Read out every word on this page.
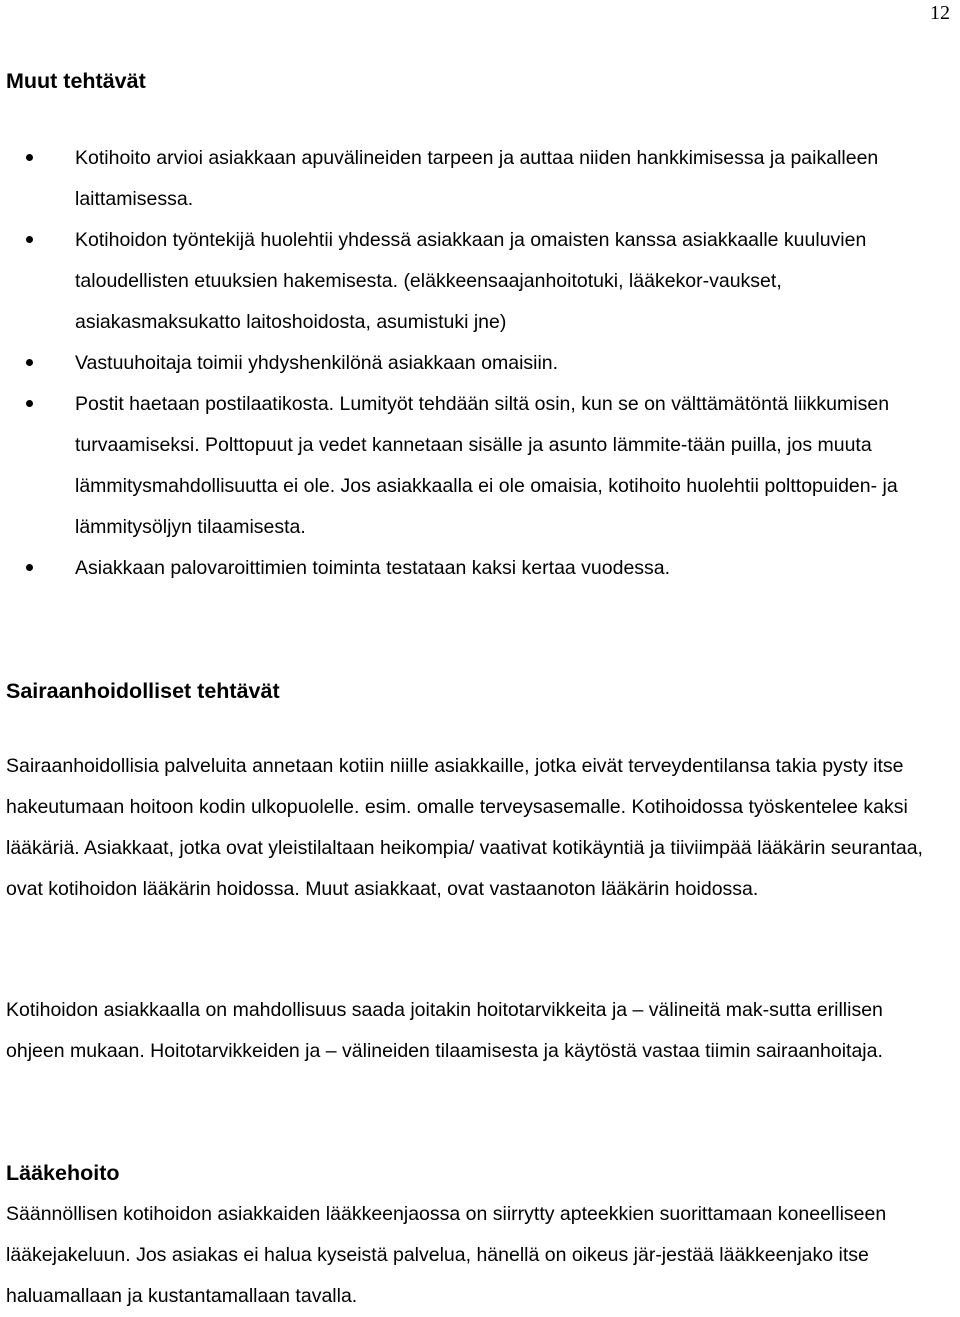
12
Muut tehtävät
Kotihoito arvioi asiakkaan apuvälineiden tarpeen ja auttaa niiden hankkimisessa ja paikalleen laittamisessa.
Kotihoidon työntekijä huolehtii yhdessä asiakkaan ja omaisten kanssa asiakkaalle kuuluvien taloudellisten etuuksien hakemisesta. (eläkkeensaajanhoitotuki, lääkekor-vaukset, asiakasmaksukatto laitoshoidosta, asumistuki jne)
Vastuuhoitaja toimii yhdyshenkilönä asiakkaan omaisiin.
Postit haetaan postilaatikosta. Lumityöt tehdään siltä osin, kun se on välttämätöntä liikkumisen turvaamiseksi. Polttopuut ja vedet kannetaan sisälle ja asunto lämmite-tään puilla, jos muuta lämmitysmahdollisuutta ei ole. Jos asiakkaalla ei ole omaisia, kotihoito huolehtii polttopuiden- ja lämmitysöljyn tilaamisesta.
Asiakkaan palovaroittimien toiminta testataan kaksi kertaa vuodessa.
Sairaanhoidolliset tehtävät

Sairaanhoidollisia palveluita annetaan kotiin niille asiakkaille, jotka eivät terveydentilansa takia pysty itse hakeutumaan hoitoon kodin ulkopuolelle. esim. omalle terveysasemalle. Kotihoidossa työskentelee kaksi lääkäriä. Asiakkaat, jotka ovat yleistilaltaan heikompia/ vaativat kotikäyntiä ja tiiviimpää lääkärin seurantaa, ovat kotihoidon lääkärin hoidossa. Muut asiakkaat, ovat vastaanoton lääkärin hoidossa.

Kotihoidon asiakkaalla on mahdollisuus saada joitakin hoitotarvikkeita ja – välineitä mak-sutta erillisen ohjeen mukaan. Hoitotarvikkeiden ja – välineiden tilaamisesta ja käytöstä vastaa tiimin sairaanhoitaja.

Lääkehoito

Säännöllisen kotihoidon asiakkaiden lääkkeenjaossa on siirrytty apteekkien suorittamaan koneelliseen lääkejakeluun. Jos asiakas ei halua kyseistä palvelua, hänellä on oikeus jär-jestää lääkkeenjako itse haluamallaan ja kustantamallaan tavalla.
